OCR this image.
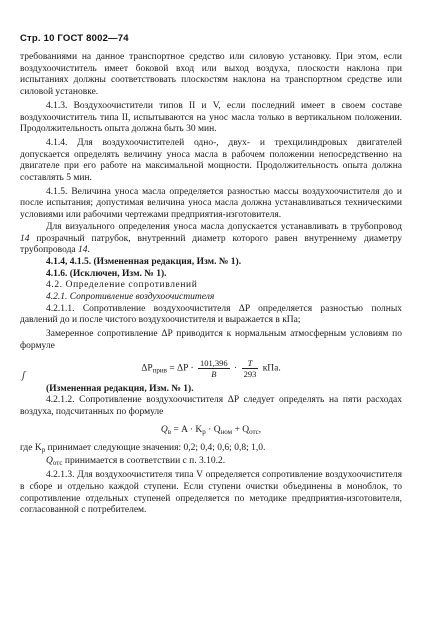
Стр. 10 ГОСТ 8002—74
ʃ

требованиями на данное транспортное средство или силовую установку. При этом, если воздухоочиститель имеет боковой вход или выход воздуха, плоскости наклона при испытаниях должны соответствовать плоскостям наклона на транспортном средстве или силовой установке.

4.1.3. Воздухоочистители типов II и V, если последний имеет в своем составе воздухоочиститель типа II, испытываются на унос масла только в вертикальном положении. Продолжительность опыта должна быть 30 мин.

4.1.4. Для воздухоочистителей одно-, двух- и трехцилиндровых двигателей допускается определять величину уноса масла в рабочем положении непосредственно на двигателе при его работе на максимальной мощности. Продолжительность опыта должна составлять 5 мин.

4.1.5. Величина уноса масла определяется разностью массы воздухоочистителя до и после испытания; допустимая величина уноса масла должна устанавливаться техническими условиями или рабочими чертежами предприятия-изготовителя.

Для визуального определения уноса масла допускается устанавливать в трубопровод 14 прозрачный патрубок, внутренний диаметр которого равен внутреннему диаметру трубопровода 14.

4.1.4, 4.1.5. (Измененная редакция, Изм. № 1).

4.1.6. (Исключен, Изм. № 1).

4.2. Определение сопротивлений

4.2.1. Сопротивление воздухоочистителя

4.2.1.1. Сопротивление воздухоочистителя ΔP определяется разностью полных давлений до и после чистого воздухоочистителя и выражается в кПа;

Замеренное сопротивление ΔP приводится к нормальным атмосферным условиям по формуле

$\Delta P_{прив} = \Delta P \cdot \frac{101,396}{B} \cdot \frac{T}{293}$ кПа.

(Измененная редакция, Изм. № 1).

4.2.1.2. Сопротивление воздухоочистителя ΔP следует определять на пяти расходах воздуха, подсчитанных по формуле

$Q_в = A \cdot K_р \cdot Q_{ном} + Q_{отс}$,

где $K_р$ принимает следующие значения: 0,2; 0,4; 0,6; 0,8; 1,0.

$Q_{отс}$ принимается в соответствии с п. 3.10.2.

4.2.1.3. Для воздухоочистителя типа V определяется сопротивление воздухоочистителя в сборе и отдельно каждой ступени. Если ступени очистки объединены в моноблок, то сопротивление отдельных ступеней определяется по методике предприятия-изготовителя, согласованной с потребителем.
